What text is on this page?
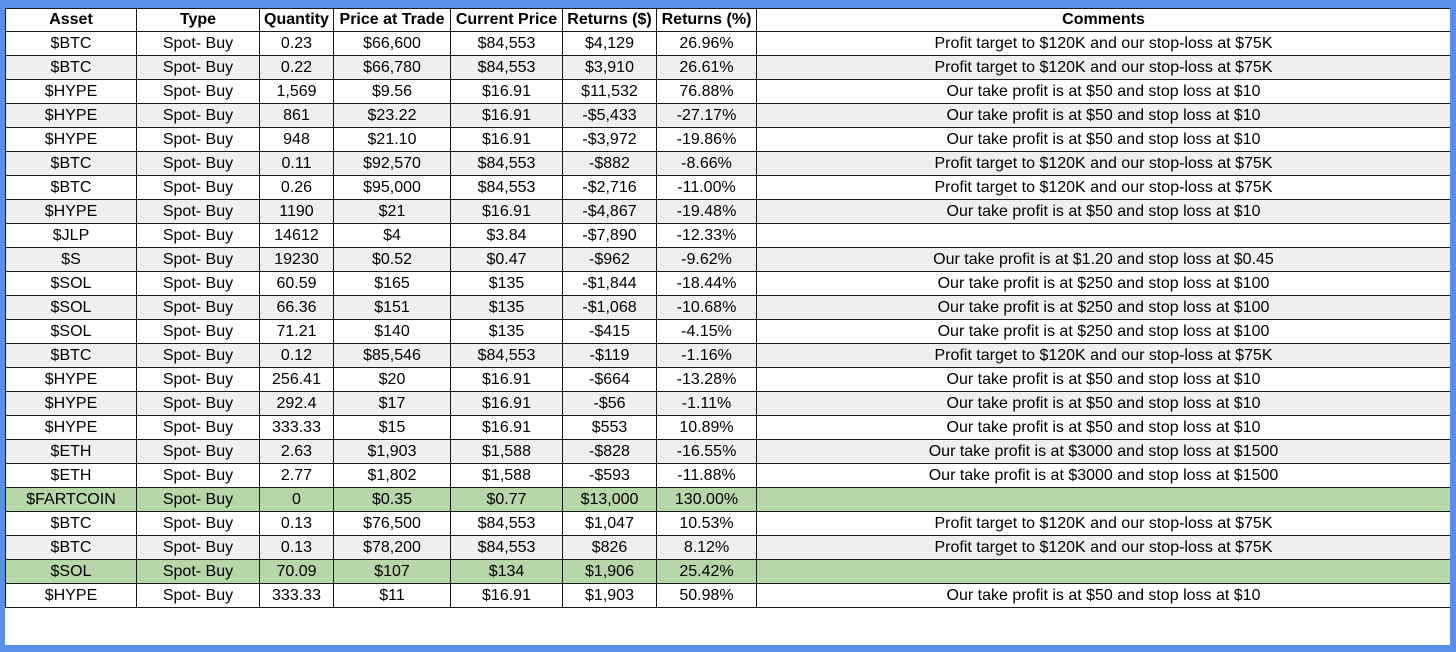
Asset	Type	Quantity	Price at Trade	Current Price	Returns ($)	Returns (%)	Comments
$BTC	Spot- Buy	0.23	$66,600	$84,553	$4,129	26.96%	Profit target to $120K and our stop-loss at $75K
$BTC	Spot- Buy	0.22	$66,780	$84,553	$3,910	26.61%	Profit target to $120K and our stop-loss at $75K
$HYPE	Spot- Buy	1,569	$9.56	$16.91	$11,532	76.88%	Our take profit is at $50 and stop loss at $10
$HYPE	Spot- Buy	861	$23.22	$16.91	-$5,433	-27.17%	Our take profit is at $50 and stop loss at $10
$HYPE	Spot- Buy	948	$21.10	$16.91	-$3,972	-19.86%	Our take profit is at $50 and stop loss at $10
$BTC	Spot- Buy	0.11	$92,570	$84,553	-$882	-8.66%	Profit target to $120K and our stop-loss at $75K
$BTC	Spot- Buy	0.26	$95,000	$84,553	-$2,716	-11.00%	Profit target to $120K and our stop-loss at $75K
$HYPE	Spot- Buy	1190	$21	$16.91	-$4,867	-19.48%	Our take profit is at $50 and stop loss at $10
$JLP	Spot- Buy	14612	$4	$3.84	-$7,890	-12.33%	
$S	Spot- Buy	19230	$0.52	$0.47	-$962	-9.62%	Our take profit is at $1.20 and stop loss at $0.45
$SOL	Spot- Buy	60.59	$165	$135	-$1,844	-18.44%	Our take profit is at $250 and stop loss at $100
$SOL	Spot- Buy	66.36	$151	$135	-$1,068	-10.68%	Our take profit is at $250 and stop loss at $100
$SOL	Spot- Buy	71.21	$140	$135	-$415	-4.15%	Our take profit is at $250 and stop loss at $100
$BTC	Spot- Buy	0.12	$85,546	$84,553	-$119	-1.16%	Profit target to $120K and our stop-loss at $75K
$HYPE	Spot- Buy	256.41	$20	$16.91	-$664	-13.28%	Our take profit is at $50 and stop loss at $10
$HYPE	Spot- Buy	292.4	$17	$16.91	-$56	-1.11%	Our take profit is at $50 and stop loss at $10
$HYPE	Spot- Buy	333.33	$15	$16.91	$553	10.89%	Our take profit is at $50 and stop loss at $10
$ETH	Spot- Buy	2.63	$1,903	$1,588	-$828	-16.55%	Our take profit is at $3000 and stop loss at $1500
$ETH	Spot- Buy	2.77	$1,802	$1,588	-$593	-11.88%	Our take profit is at $3000 and stop loss at $1500
$FARTCOIN	Spot- Buy	0	$0.35	$0.77	$13,000	130.00%	
$BTC	Spot- Buy	0.13	$76,500	$84,553	$1,047	10.53%	Profit target to $120K and our stop-loss at $75K
$BTC	Spot- Buy	0.13	$78,200	$84,553	$826	8.12%	Profit target to $120K and our stop-loss at $75K
$SOL	Spot- Buy	70.09	$107	$134	$1,906	25.42%	
$HYPE	Spot- Buy	333.33	$11	$16.91	$1,903	50.98%	Our take profit is at $50 and stop loss at $10
